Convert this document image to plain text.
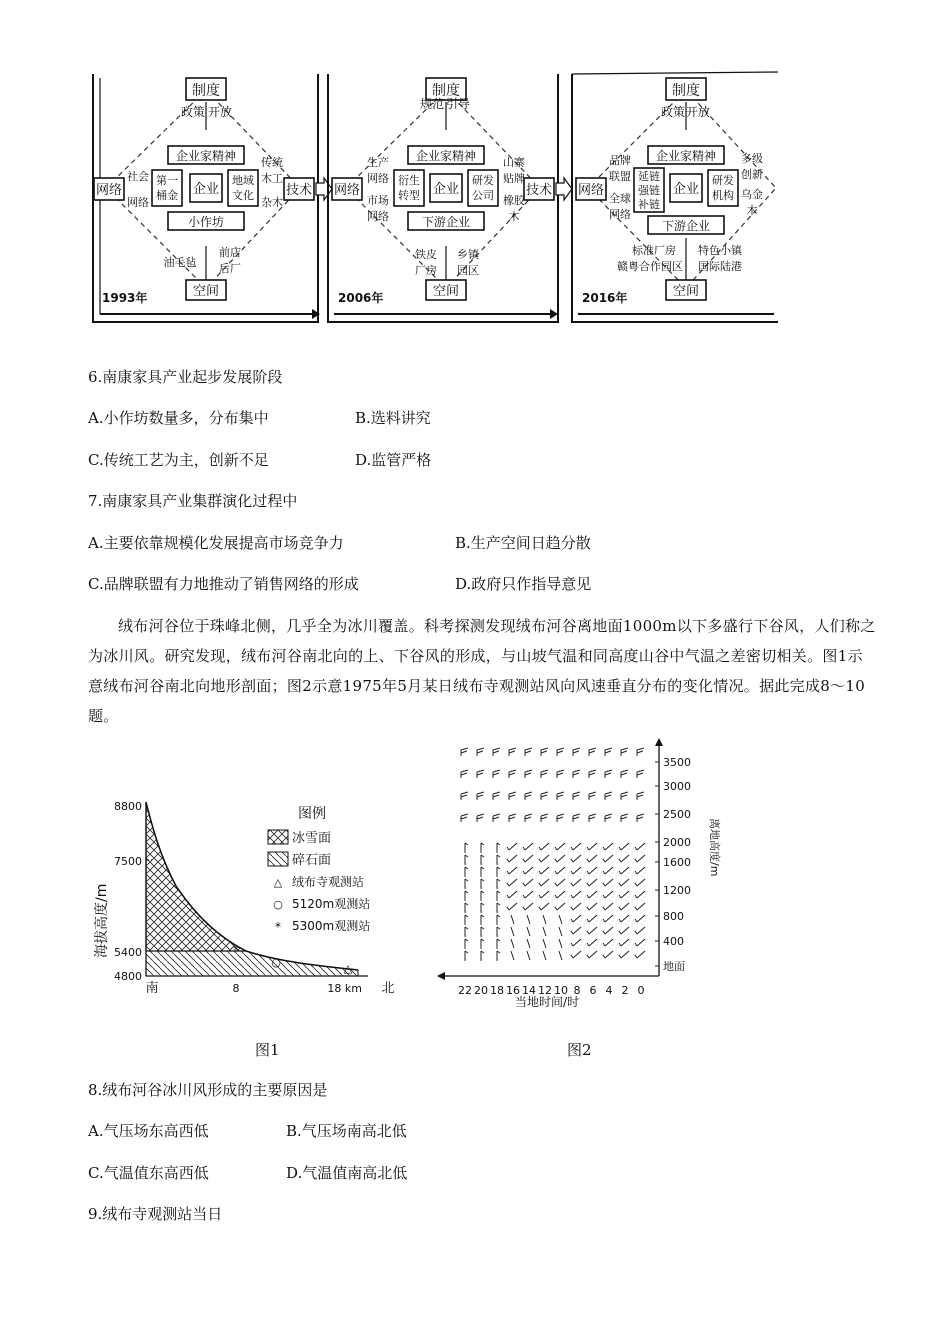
制度
政策 开放
企业家精神
第一
桶金 企业
地域
文化
小作坊
网络
社会
网络
技术
传统
木工
杂木
油毛毡
前店
后厂
空间
1993年
制度
规范 引导
企业家精神
衍生
转型 企业
研发
公司
下游企业
网络
生产
网络
市场
网络
技术
山寨
贴牌
橡胶
木
铁皮
厂房
乡镇
园区
空间
2006年
制度
政策 开放
企业家精神
延链
强链
补链
企业
研发
机构
下游企业
网络
品牌
联盟
全球
网络
多级
创新
乌金
木
标准厂房
赣粤合作园区
特色小镇
国际陆港
空间
2016年
6.南康家具产业起步发展阶段
A.小作坊数量多，分布集中	B.选料讲究
C.传统工艺为主，创新不足	D.监管严格
7.南康家具产业集群演化过程中
A.主要依靠规模化发展提高市场竞争力	B.生产空间日趋分散
C.品牌联盟有力地推动了销售网络的形成	D.政府只作指导意见
绒布河谷位于珠峰北侧，几乎全为冰川覆盖。科考探测发现绒布河谷离地面1000m以下多盛行下谷风，人们称之为冰川风。研究发现，绒布河谷南北向的上、下谷风的形成，与山坡气温和同高度山谷中气温之差密切相关。图1示意绒布河谷南北向地形剖面；图2示意1975年5月某日绒布寺观测站风向风速垂直分布的变化情况。据此完成8～10题。
海拔高度/m
8800
7500
5400
4800
△
○
*
南	8	18 km 北
图例
冰雪面
碎石面
△ 绒布寺观测站
○ 5120m观测站
* 5300m观测站
图1
22 20 18 16 14 12 10 8 6 4 2 0
3500
3000
2500
2000
1600
1200
800
400
地面
当地时间/时
离地高度/m
图2
8.绒布河谷冰川风形成的主要原因是
A.气压场东高西低	B.气压场南高北低
C.气温值东高西低	D.气温值南高北低
9.绒布寺观测站当日
